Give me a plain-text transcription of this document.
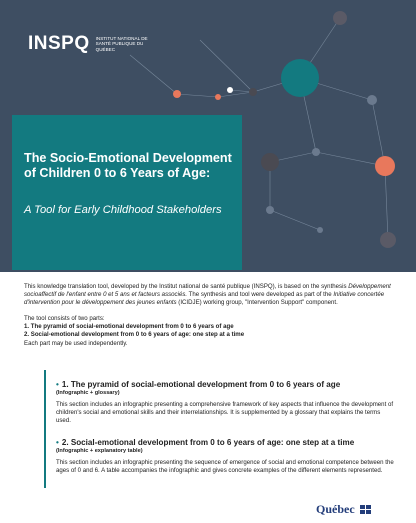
INSPQ INSTITUT NATIONAL DE SANTÉ PUBLIQUE DU QUÉBEC
The Socio-Emotional Development of Children 0 to 6 Years of Age:
A Tool for Early Childhood Stakeholders

This knowledge translation tool, developed by the Institut national de santé publique (INSPQ), is based on the synthesis Développement socioaffectif de l'enfant entre 0 et 5 ans et facteurs associés. The synthesis and tool were developed as part of the Initiative concertée d'intervention pour le développement des jeunes enfants (ICIDJE) working group, "Intervention Support" component.

The tool consists of two parts:
1. The pyramid of social-emotional development from 0 to 6 years of age
2. Social-emotional development from 0 to 6 years of age: one step at a time
Each part may be used independently.
• 1. The pyramid of social-emotional development from 0 to 6 years of age
(Infographic + glossary)
This section includes an infographic presenting a comprehensive framework of key aspects that influence the development of children's social and emotional skills and their interrelationships. It is supplemented by a glossary that explains the terms used.
• 2. Social-emotional development from 0 to 6 years of age: one step at a time
(Infographic + explanatory table)
This section includes an infographic presenting the sequence of emergence of social and emotional competence between the ages of 0 and 6. A table accompanies the infographic and gives concrete examples of the different elements represented.
Québec
